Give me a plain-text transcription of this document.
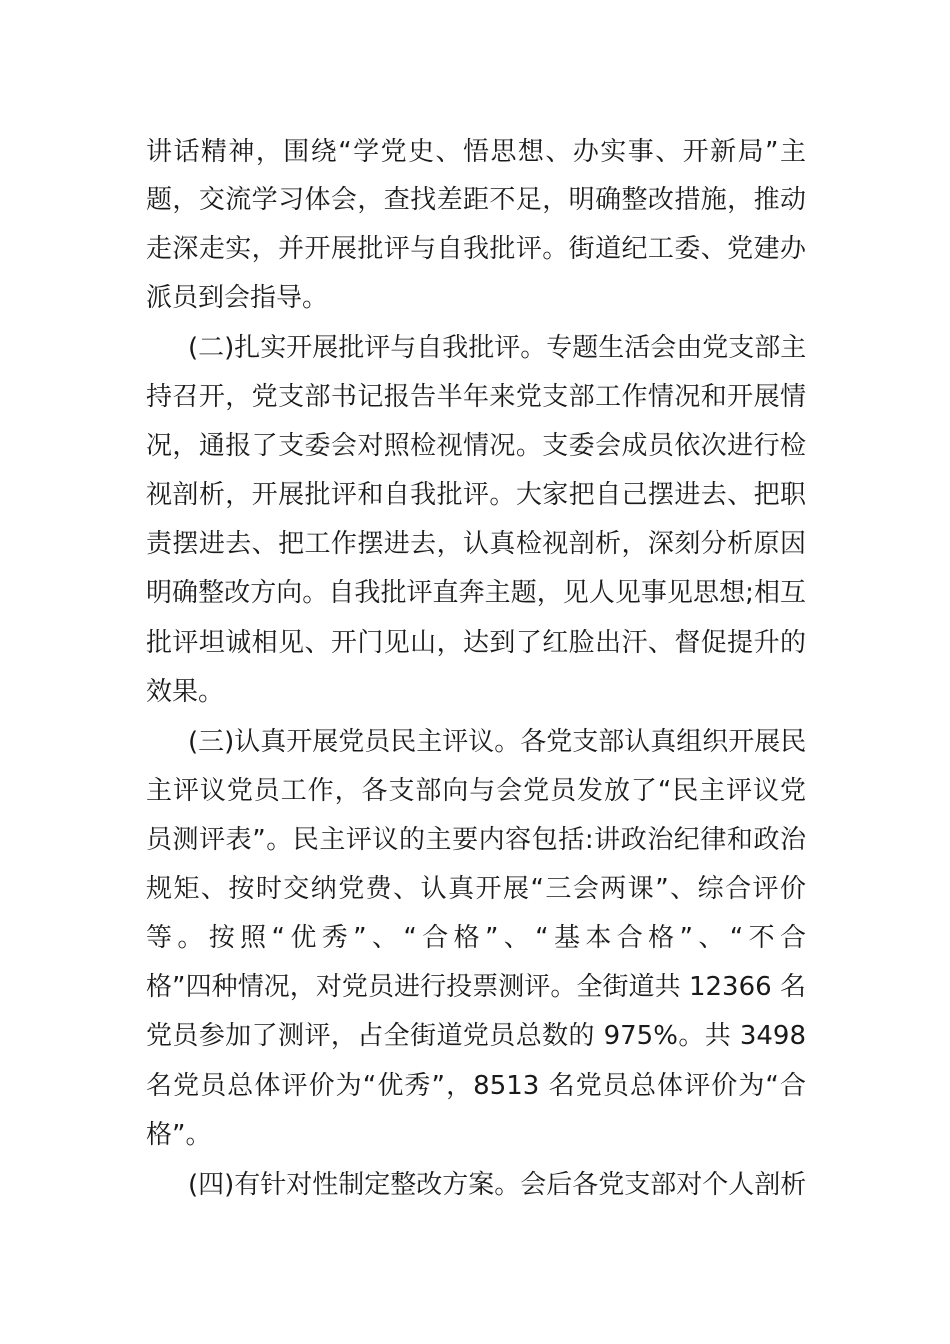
讲话精神，围绕“学党史、悟思想、办实事、开新局”主
题，交流学习体会，查找差距不足，明确整改措施，推动
走深走实，并开展批评与自我批评。街道纪工委、党建办
派员到会指导。
(二)扎实开展批评与自我批评。专题生活会由党支部主
持召开，党支部书记报告半年来党支部工作情况和开展情
况，通报了支委会对照检视情况。支委会成员依次进行检
视剖析，开展批评和自我批评。大家把自己摆进去、把职
责摆进去、把工作摆进去，认真检视剖析，深刻分析原因
明确整改方向。自我批评直奔主题，见人见事见思想;相互
批评坦诚相见、开门见山，达到了红脸出汗、督促提升的
效果。
(三)认真开展党员民主评议。各党支部认真组织开展民
主评议党员工作，各支部向与会党员发放了“民主评议党
员测评表”。民主评议的主要内容包括:讲政治纪律和政治
规矩、按时交纳党费、认真开展“三会两课”、综合评价
等。按照“优秀”、“合格”、“基本合格”、“不合
格”四种情况，对党员进行投票测评。全街道共 12366 名
党员参加了测评，占全街道党员总数的 975%。共 3498
名党员总体评价为“优秀”，8513 名党员总体评价为“合
格”。
(四)有针对性制定整改方案。会后各党支部对个人剖析
